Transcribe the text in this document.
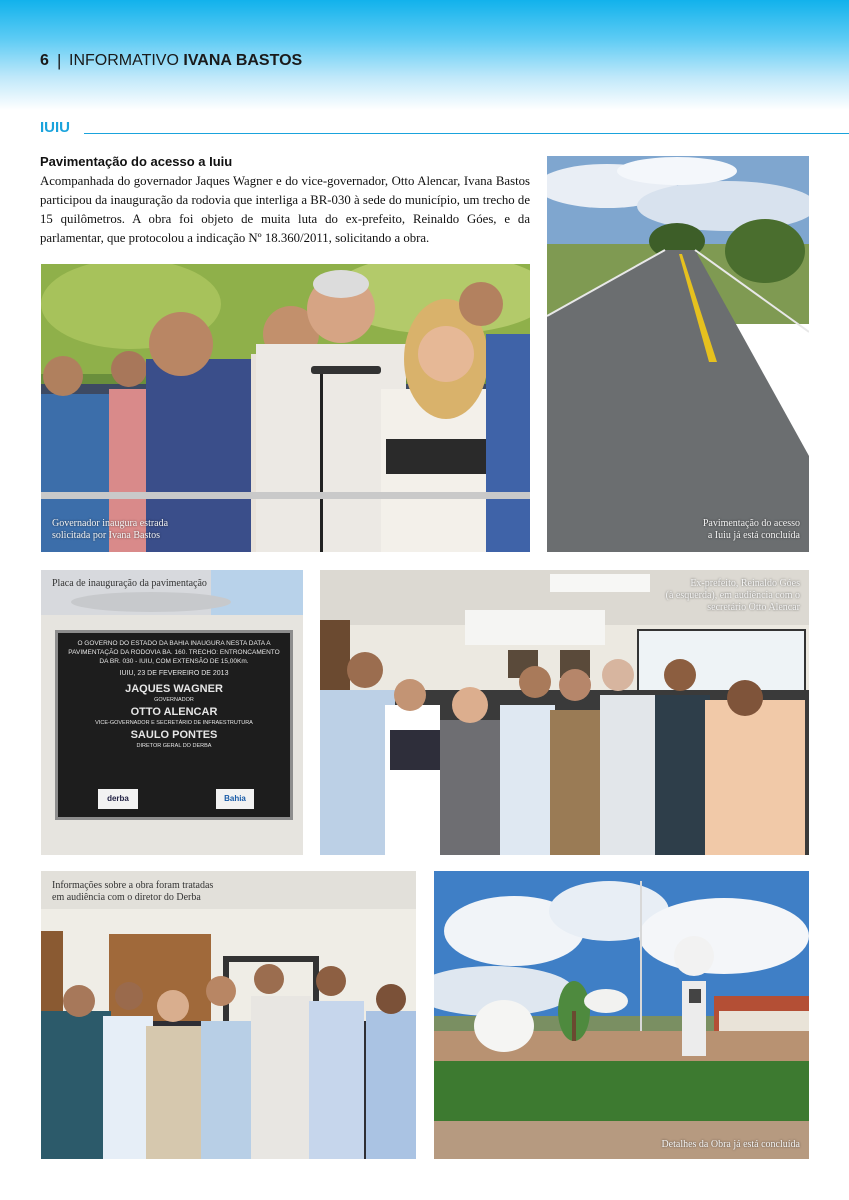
6 | INFORMATIVO IVANA BASTOS
IUIU
Pavimentação do acesso a Iuiu
Acompanhada do governador Jaques Wagner e do vice-governador, Otto Alencar, Ivana Bastos participou da inauguração da rodovia que interliga a BR-030 à sede do município, um trecho de 15 quilômetros. A obra foi objeto de muita luta do ex-prefeito, Reinaldo Góes, e da parlamentar, que protocolou a indicação Nº 18.360/2011, solicitando a obra.
Governador inaugura estrada
solicitada por Ivana Bastos
Pavimentação do acesso
a Iuiu já está concluída
O GOVERNO DO ESTADO DA BAHIA INAUGURA NESTA DATA A
PAVIMENTAÇÃO DA RODOVIA BA. 160. TRECHO: ENTRONCAMENTO
DA BR. 030 - IUIU, COM EXTENSÃO DE 15,00Km.
IUIU, 23 DE FEVEREIRO DE 2013
JAQUES WAGNER
GOVERNADOR
OTTO ALENCAR
VICE-GOVERNADOR E SECRETÁRIO DE INFRAESTRUTURA
SAULO PONTES
DIRETOR GERAL DO DERBA
derba	Bahia
Placa de inauguração da pavimentação	Ex-prefeito, Reinaldo Góes
(à esquerda), em audiência com o
secretário Otto Alencar
Informações sobre a obra foram tratadas
em audiência com o diretor do Derba
Detalhes da Obra já está concluída
